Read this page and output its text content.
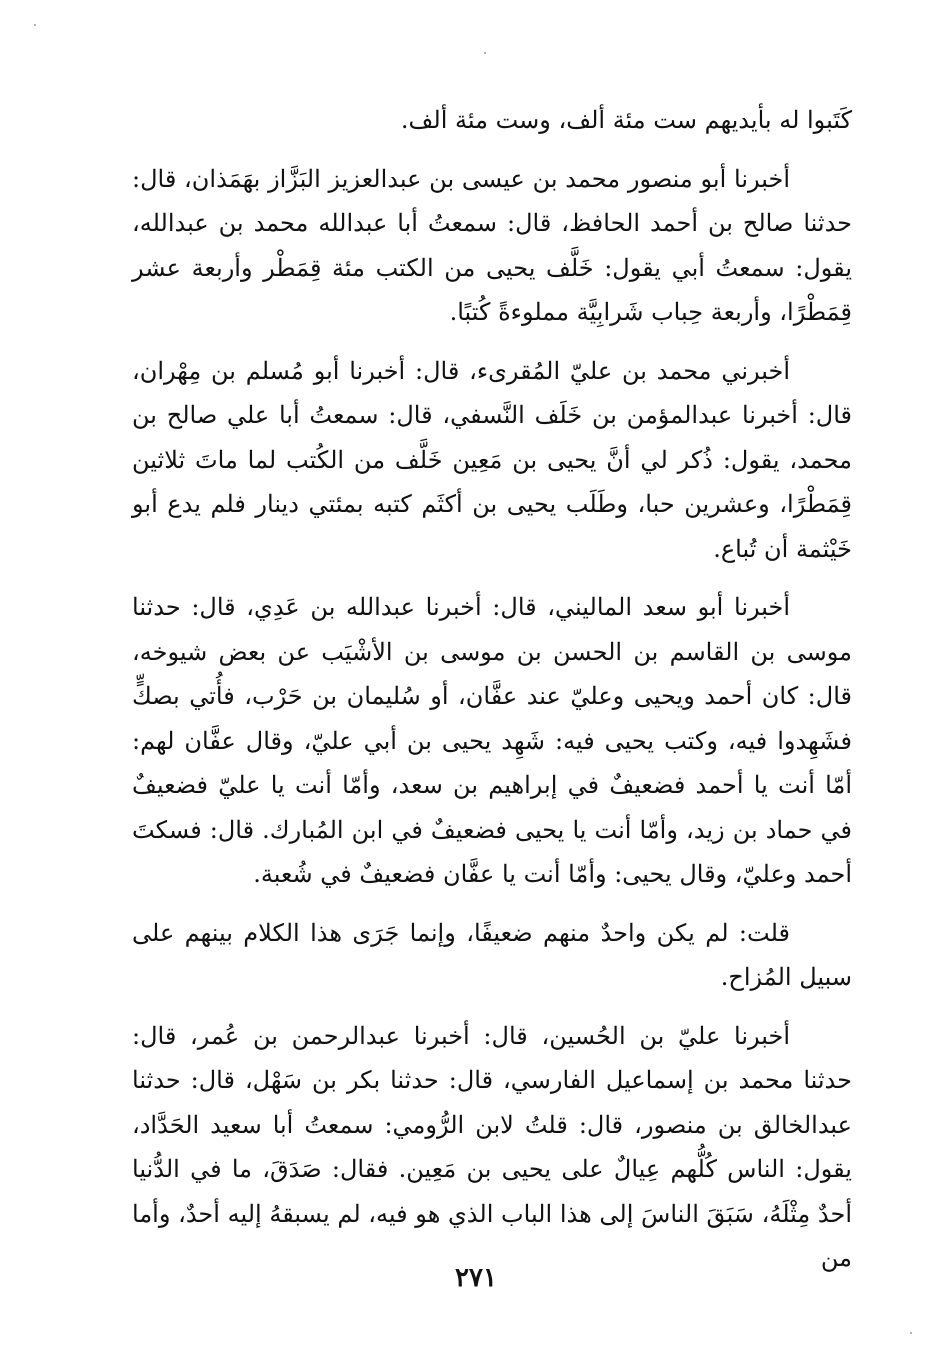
كَتَبوا له بأيديهم ست مئة ألف، وست مئة ألف.

أخبرنا أبو منصور محمد بن عيسى بن عبدالعزيز البَزَّاز بهَمَذان، قال: حدثنا صالح بن أحمد الحافظ، قال: سمعتُ أبا عبدالله محمد بن عبدالله، يقول: سمعتُ أبي يقول: خَلَّف يحيى من الكتب مئة قِمَطْر وأربعة عشر قِمَطْرًا، وأربعة حِباب شَرابِيَّة مملوءةً كُتبًا.

أخبرني محمد بن عليّ المُقرىء، قال: أخبرنا أبو مُسلم بن مِهْران، قال: أخبرنا عبدالمؤمن بن خَلَف النَّسفي، قال: سمعتُ أبا علي صالح بن محمد، يقول: ذُكر لي أنَّ يحيى بن مَعِين خَلَّف من الكُتب لما ماتَ ثلاثين قِمَطْرًا، وعشرين حبا، وطَلَب يحيى بن أكثَم كتبه بمئتي دينار فلم يدع أبو خَيْثمة أن تُباع.

أخبرنا أبو سعد الماليني، قال: أخبرنا عبدالله بن عَدِي، قال: حدثنا موسى بن القاسم بن الحسن بن موسى بن الأشْيَب عن بعض شيوخه، قال: كان أحمد ويحيى وعليّ عند عفَّان، أو سُليمان بن حَرْب، فأُتي بصكٍّ فشَهِدوا فيه، وكتب يحيى فيه: شَهِد يحيى بن أبي عليّ، وقال عفَّان لهم: أمّا أنت يا أحمد فضعيفٌ في إبراهيم بن سعد، وأمّا أنت يا عليّ فضعيفٌ في حماد بن زيد، وأمّا أنت يا يحيى فضعيفٌ في ابن المُبارك. قال: فسكتَ أحمد وعليّ، وقال يحيى: وأمّا أنت يا عفَّان فضعيفٌ في شُعبة.

قلت: لم يكن واحدٌ منهم ضعيفًا، وإنما جَرَى هذا الكلام بينهم على سبيل المُزاح.

أخبرنا عليّ بن الحُسين، قال: أخبرنا عبدالرحمن بن عُمر، قال: حدثنا محمد بن إسماعيل الفارسي، قال: حدثنا بكر بن سَهْل، قال: حدثنا عبدالخالق بن منصور، قال: قلتُ لابن الرُّومي: سمعتُ أبا سعيد الحَدَّاد، يقول: الناس كُلُّهم عِيالٌ على يحيى بن مَعِين. فقال: صَدَقَ، ما في الدُّنيا أحدٌ مِثْلَهُ، سَبَقَ الناسَ إلى هذا الباب الذي هو فيه، لم يسبقهُ إليه أحدٌ، وأما من

٢٧١
